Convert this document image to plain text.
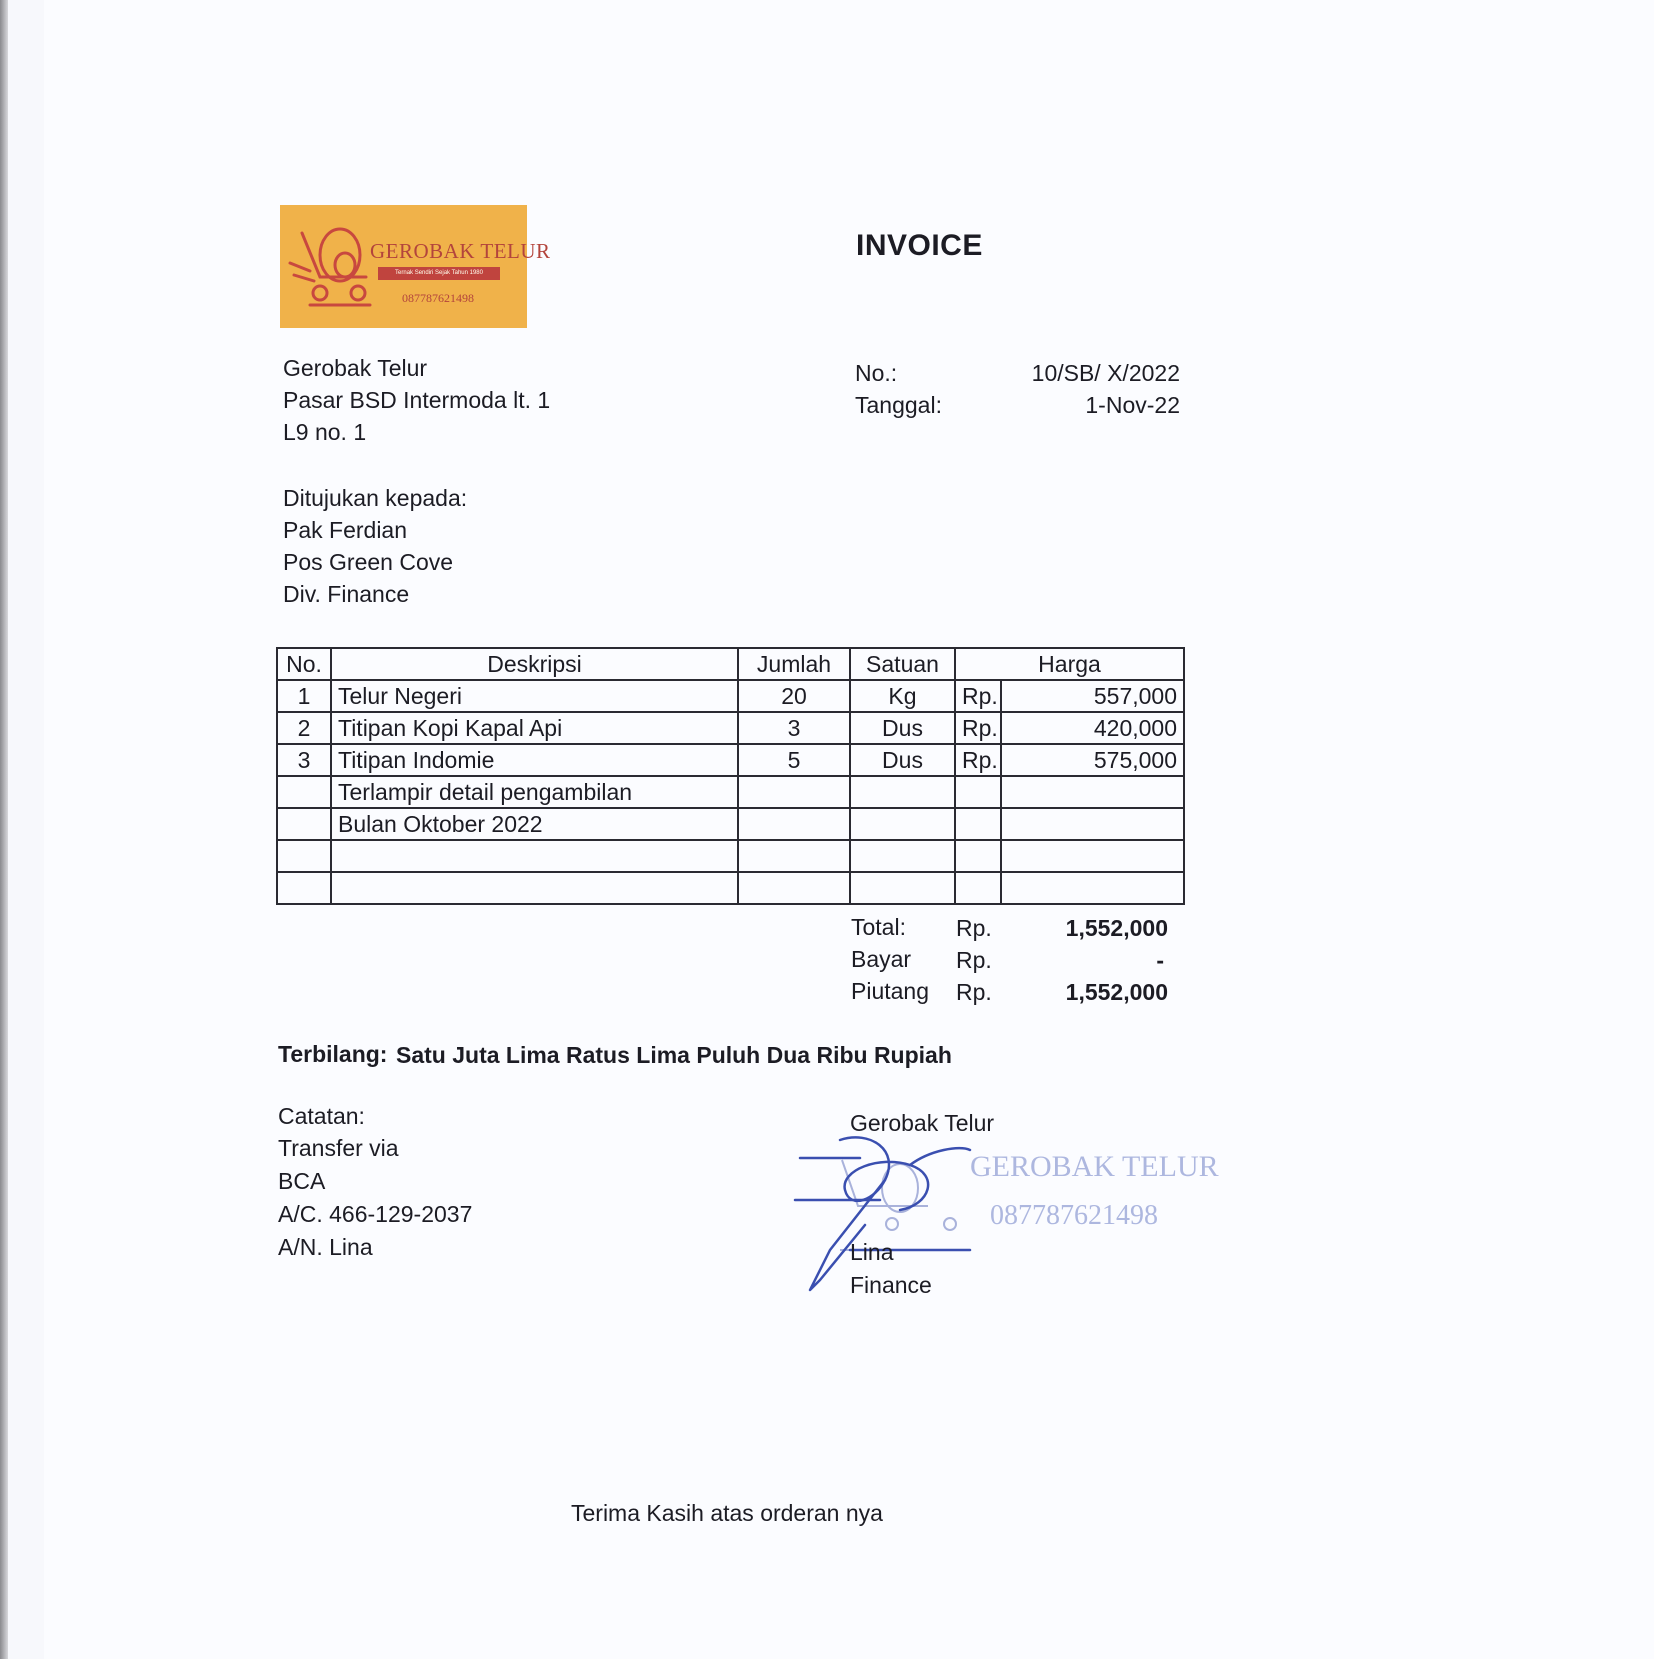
GEROBAK TELUR
Ternak Sendiri Sejak Tahun 1980
087787621498
INVOICE
Gerobak Telur
Pasar BSD Intermoda lt. 1
L9 no. 1
No.:	10/SB/ X/2022
Tanggal:	1-Nov-22
Ditujukan kepada:
Pak Ferdian
Pos Green Cove
Div. Finance
No.	Deskripsi	Jumlah	Satuan	Harga	
1	Telur Negeri	20	Kg	Rp.	557,000
2	Titipan Kopi Kapal Api	3	Dus	Rp.	420,000
3	Titipan Indomie	5	Dus	Rp.	575,000
	Terlampir detail pengambilan				
	Bulan Oktober 2022				

Total: Rp.	1,552,000
Bayar Rp.	-
Piutang Rp.	1,552,000
Terbilang: Satu Juta Lima Ratus Lima Puluh Dua Ribu Rupiah
Catatan:
Transfer via
BCA
A/C. 466-129-2037
A/N. Lina
Gerobak Telur
GEROBAK TELUR
087787621498
Lina
Finance
Terima Kasih atas orderan nya
